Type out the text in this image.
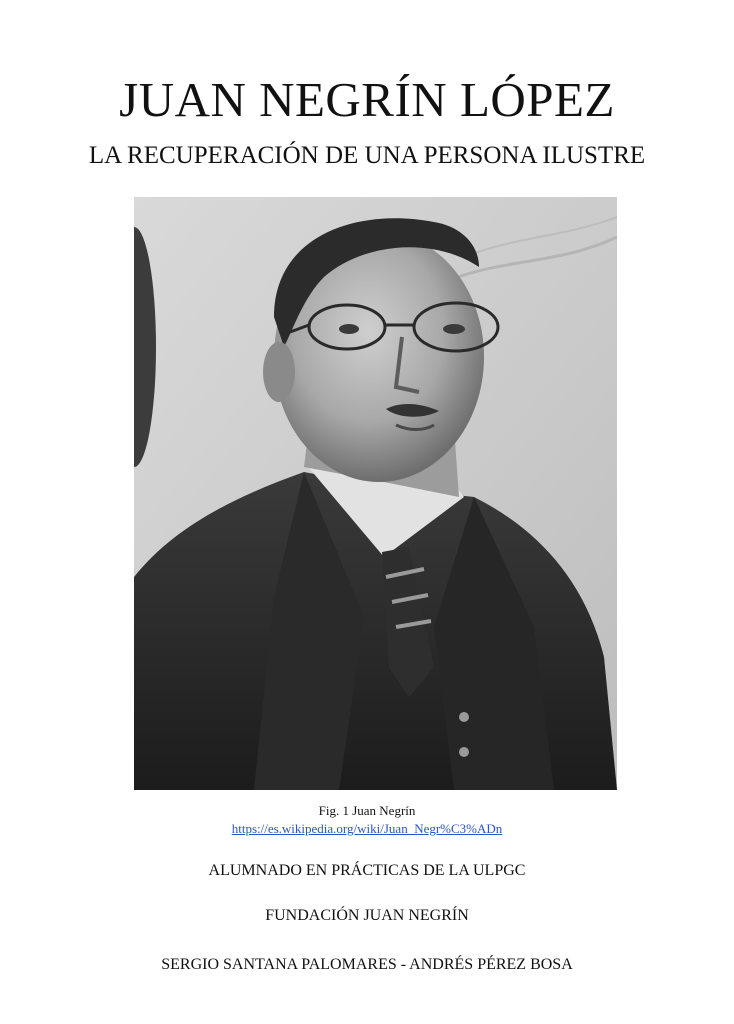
JUAN NEGRÍN LÓPEZ
LA RECUPERACIÓN DE UNA PERSONA ILUSTRE
Fig. 1 Juan Negrín
https://es.wikipedia.org/wiki/Juan_Negr%C3%ADn
ALUMNADO EN PRÁCTICAS DE LA ULPGC
FUNDACIÓN JUAN NEGRÍN
SERGIO SANTANA PALOMARES - ANDRÉS PÉREZ BOSA
